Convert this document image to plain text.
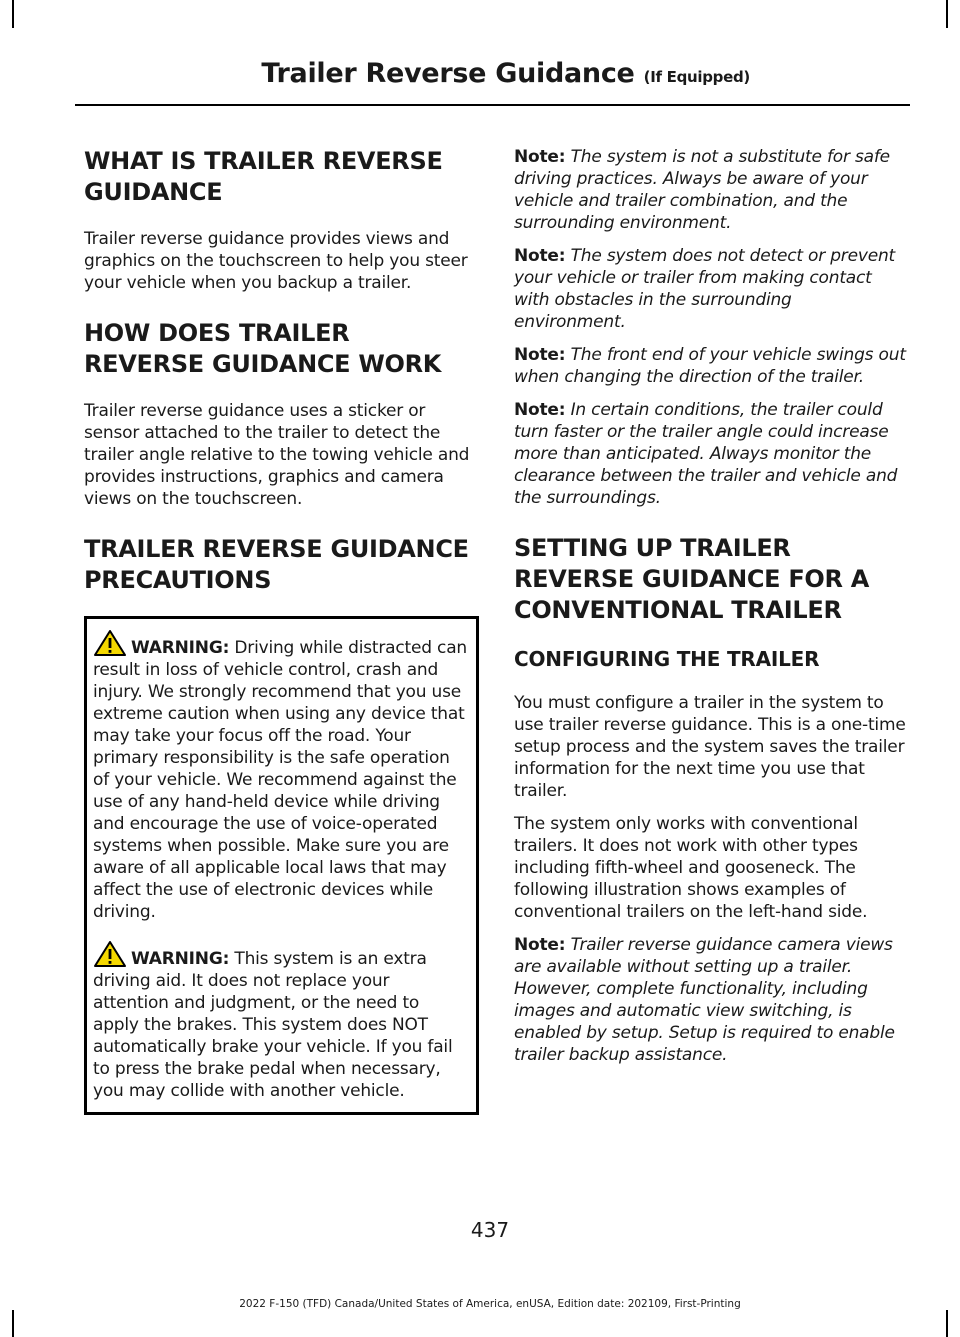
Trailer Reverse Guidance (If Equipped)
WHAT IS TRAILER REVERSE GUIDANCE

Trailer reverse guidance provides views and graphics on the touchscreen to help you steer your vehicle when you backup a trailer.

HOW DOES TRAILER REVERSE GUIDANCE WORK

Trailer reverse guidance uses a sticker or sensor attached to the trailer to detect the trailer angle relative to the towing vehicle and provides instructions, graphics and camera views on the touchscreen.

TRAILER REVERSE GUIDANCE PRECAUTIONS

WARNING: Driving while distracted can result in loss of vehicle control, crash and injury. We strongly recommend that you use extreme caution when using any device that may take your focus off the road. Your primary responsibility is the safe operation of your vehicle. We recommend against the use of any hand-held device while driving and encourage the use of voice-operated systems when possible. Make sure you are aware of all applicable local laws that may affect the use of electronic devices while driving.

WARNING: This system is an extra driving aid. It does not replace your attention and judgment, or the need to apply the brakes. This system does NOT automatically brake your vehicle. If you fail to press the brake pedal when necessary, you may collide with another vehicle.

Note: The system is not a substitute for safe driving practices. Always be aware of your vehicle and trailer combination, and the surrounding environment.

Note: The system does not detect or prevent your vehicle or trailer from making contact with obstacles in the surrounding environment.

Note: The front end of your vehicle swings out when changing the direction of the trailer.

Note: In certain conditions, the trailer could turn faster or the trailer angle could increase more than anticipated. Always monitor the clearance between the trailer and vehicle and the surroundings.

SETTING UP TRAILER REVERSE GUIDANCE FOR A CONVENTIONAL TRAILER
CONFIGURING THE TRAILER

You must configure a trailer in the system to use trailer reverse guidance. This is a one-time setup process and the system saves the trailer information for the next time you use that trailer.

The system only works with conventional trailers. It does not work with other types including fifth-wheel and gooseneck. The following illustration shows examples of conventional trailers on the left-hand side.

Note: Trailer reverse guidance camera views are available without setting up a trailer. However, complete functionality, including images and automatic view switching, is enabled by setup. Setup is required to enable trailer backup assistance.

437
2022 F-150 (TFD) Canada/United States of America, enUSA, Edition date: 202109, First-Printing
